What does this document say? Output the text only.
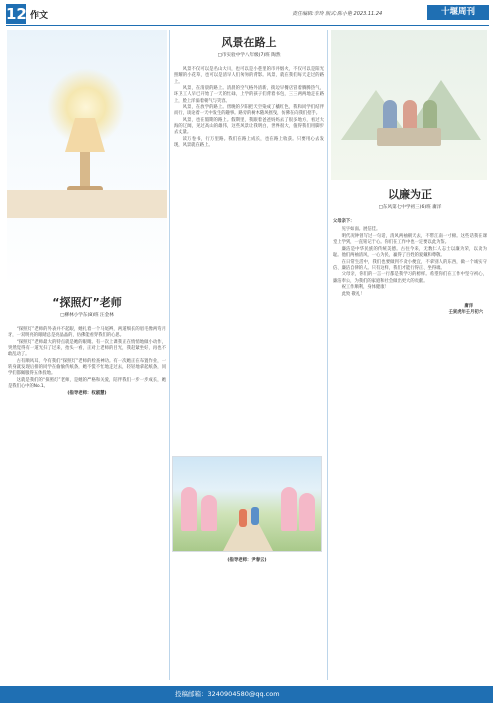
12 作文	责任编辑:李玲 版式:陈小艳 2023.11.24	十堰周刊
“探照灯”老师
□柳林小学东(8)班 汪金林

“探照灯”老师的外表并不起眼，她扎着一个马尾辫，两道细长的眉毛像两弯月牙，一双明亮的眼睛总是亮晶晶的，仿佛能看穿我们的心思。

“探照灯”老师最大的特点就是她的眼睛。有一次上课我正在悄悄地做小动作，突然觉得有一道光扫了过来，抬头一看，正对上老师的目光，我赶紧坐好，再也不敢乱动了。

古有顺风耳，今有我们“探照灯”老师的检查神功。有一次她正在布置作业，一转身就发现后排的同学在偷偷传纸条，她不慌不忙地走过去，轻轻地拿起纸条，同学们都佩服得五体投地。

这就是我们的“探照灯”老师，是她的严格和关爱，陪伴我们一步一步成长，她是我们心中的No.1。

(指导老师：权淑慧)
风景在路上
□市实验中学八年级(7)班 陶然

风景不仅可以是名山大川，也可以是小巷里的市井烟火，不仅可以是阳光照耀的小花草，也可以是清早人们匆匆的背影。风景，就在我们每天走过的路上。

风景，在清晨的路上。清晨的空气格外清新，街边早餐店冒着腾腾热气，环卫工人早已开始了一天的忙碌，上学的孩子们背着书包，三三两两地走在路上，脸上洋溢着朝气与笑容。

风景，在放学的路上。傍晚的夕阳把天空染成了橘红色，我和同学们结伴而行，谈论着一天中发生的趣事。路旁的树木随风摇曳，仿佛在向我们招手。

风景，也在假期的路上。假期里，我跟着爸爸妈妈去了很多地方，看过大海的辽阔，见过高山的雄伟，这些风景让我明白，世界很大，值得我们用脚步去丈量。

读万卷书，行万里路。我们在路上成长，也在路上收获。只要用心去发现，风景就在路上。

(指导老师：尹春云)
以廉为正
□东风第七中学初三(6)班 庸洋
父母亲下：

见字如面。展信佳。

明代况钟曾写过一句话，清风两袖朝天去，不带江南一寸棉。这些话我在课堂上学到，一直铭记于心。你们在工作中也一定要以此为鉴。

廉洁是中华民族的传统美德。古往今来，无数仁人志士以廉为荣，以贪为耻。他们两袖清风，一心为民，赢得了百姓的爱戴和尊敬。

在日常生活中，我们也要做到不贪小便宜，不拿别人的东西，做一个诚实守信、廉洁自律的人。只有这样，我们才能行得正、坐得端。

父母亲，你们的一言一行都是我学习的榜样。希望你们在工作中坚守初心，廉洁奉公，为我们的家庭和社会做出更大的贡献。

祝工作顺利，身体健康！

此致 敬礼！

庸洋
壬寅虎年壬月初六
投稿邮箱：3240904580@qq.com
